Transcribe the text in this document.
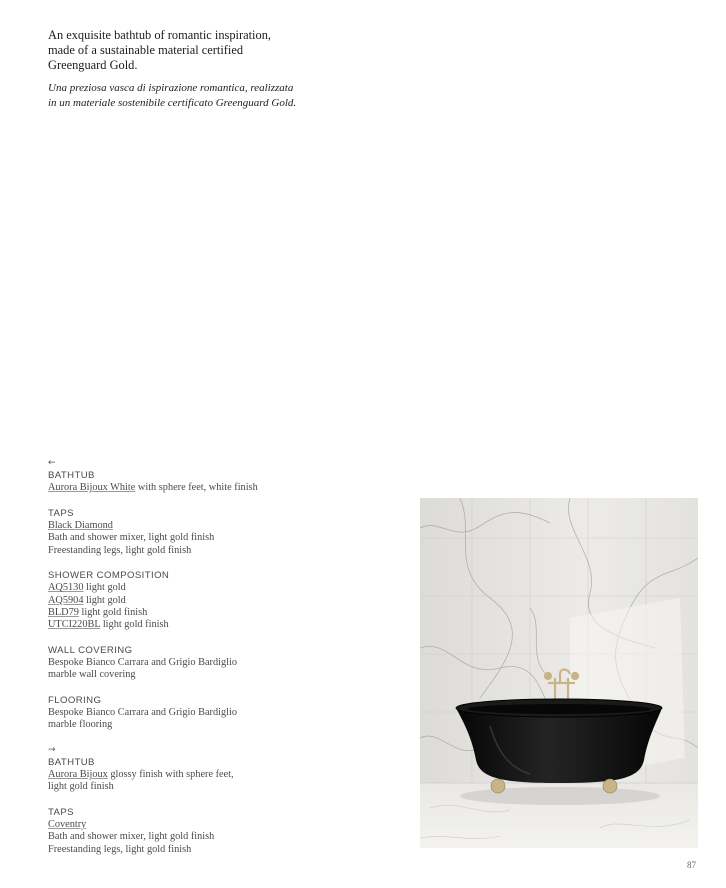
An exquisite bathtub of romantic inspiration, made of a sustainable material certified Greenguard Gold.

Una preziosa vasca di ispirazione romantica, realizzata in un materiale sostenibile certificato Greenguard Gold.

←
BATHTUB
Aurora Bijoux White with sphere feet, white finish
TAPS
Black Diamond
Bath and shower mixer, light gold finish
Freestanding legs, light gold finish
SHOWER COMPOSITION
AQ5130 light gold
AQ5904 light gold
BLD79 light gold finish
UTCI220BL light gold finish
WALL COVERING
Bespoke Bianco Carrara and Grigio Bardiglio
marble wall covering
FLOORING
Bespoke Bianco Carrara and Grigio Bardiglio
marble flooring
→
BATHTUB
Aurora Bijoux glossy finish with sphere feet,
light gold finish
TAPS
Coventry
Bath and shower mixer, light gold finish
Freestanding legs, light gold finish
87
